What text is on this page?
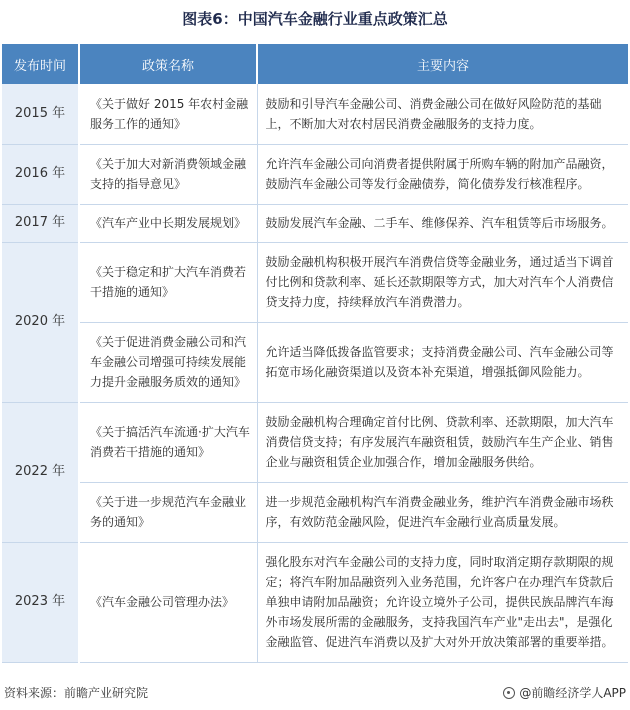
图表6：中国汽车金融行业重点政策汇总
发布时间	政策名称	主要内容
2015 年	《关于做好 2015 年农村金融服务工作的通知》	鼓励和引导汽车金融公司、消费金融公司在做好风险防范的基础上，不断加大对农村居民消费金融服务的支持力度。
2016 年	《关于加大对新消费领域金融支持的指导意见》	允许汽车金融公司向消费者提供附属于所购车辆的附加产品融资，鼓励汽车金融公司等发行金融债券，简化债券发行核准程序。
2017 年	《汽车产业中长期发展规划》	鼓励发展汽车金融、二手车、维修保养、汽车租赁等后市场服务。
2020 年	《关于稳定和扩大汽车消费若干措施的通知》	鼓励金融机构积极开展汽车消费信贷等金融业务，通过适当下调首付比例和贷款利率、延长还款期限等方式，加大对汽车个人消费信贷支持力度，持续释放汽车消费潜力。
	《关于促进消费金融公司和汽车金融公司增强可持续发展能力提升金融服务质效的通知》	允许适当降低拨备监管要求；支持消费金融公司、汽车金融公司等拓宽市场化融资渠道以及资本补充渠道，增强抵御风险能力。
2022 年	《关于搞活汽车流通·扩大汽车消费若干措施的通知》	鼓励金融机构合理确定首付比例、贷款利率、还款期限，加大汽车消费信贷支持；有序发展汽车融资租赁，鼓励汽车生产企业、销售企业与融资租赁企业加强合作，增加金融服务供给。
	《关于进一步规范汽车金融业务的通知》	进一步规范金融机构汽车消费金融业务，维护汽车消费金融市场秩序，有效防范金融风险，促进汽车金融行业高质量发展。
2023 年	《汽车金融公司管理办法》	强化股东对汽车金融公司的支持力度，同时取消定期存款期限的规定；将汽车附加品融资列入业务范围，允许客户在办理汽车贷款后单独申请附加品融资；允许设立境外子公司，提供民族品牌汽车海外市场发展所需的金融服务，支持我国汽车产业"走出去"，是强化金融监管、促进汽车消费以及扩大对外开放决策部署的重要举措。
资料来源：前瞻产业研究院	@前瞻经济学人APP
